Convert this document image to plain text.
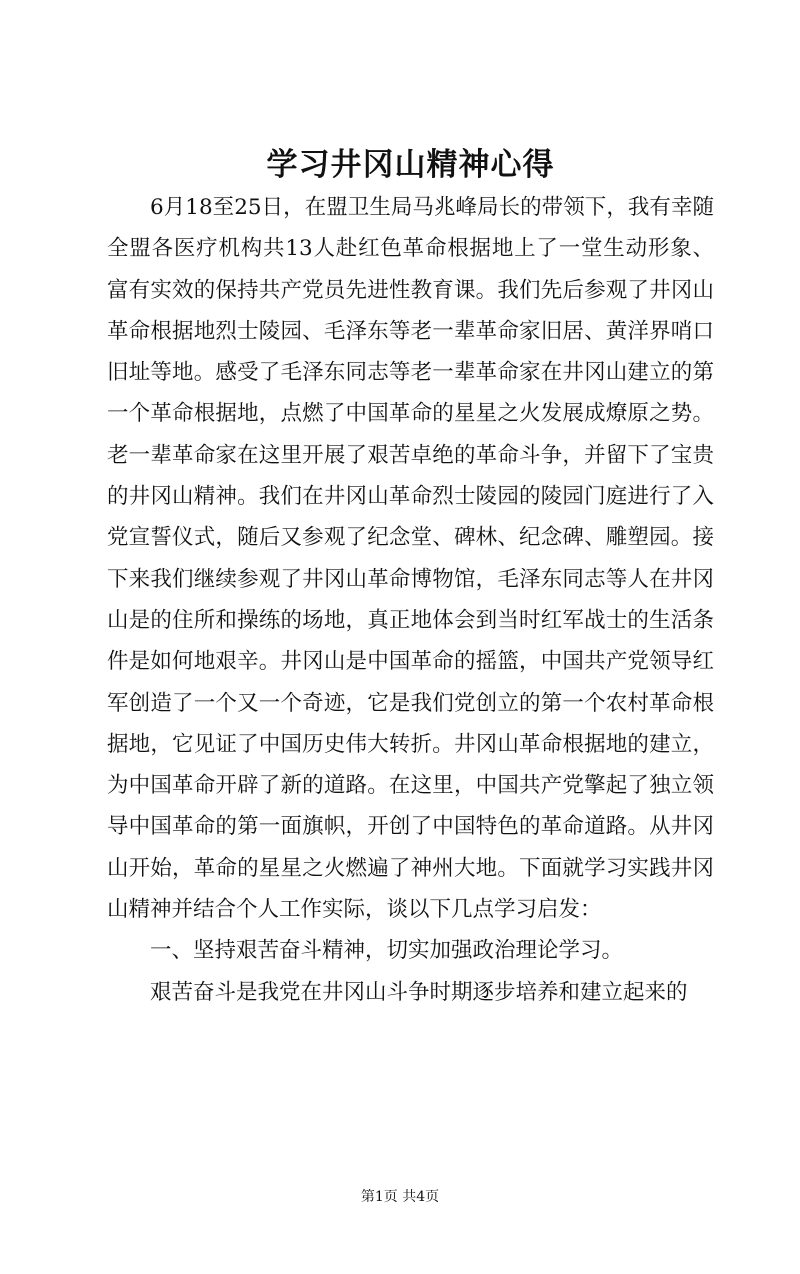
学习井冈山精神心得

6月18至25日，在盟卫生局马兆峰局长的带领下，我有幸随全盟各医疗机构共13人赴红色革命根据地上了一堂生动形象、富有实效的保持共产党员先进性教育课。我们先后参观了井冈山革命根据地烈士陵园、毛泽东等老一辈革命家旧居、黄洋界哨口旧址等地。感受了毛泽东同志等老一辈革命家在井冈山建立的第一个革命根据地，点燃了中国革命的星星之火发展成燎原之势。老一辈革命家在这里开展了艰苦卓绝的革命斗争，并留下了宝贵的井冈山精神。我们在井冈山革命烈士陵园的陵园门庭进行了入党宣誓仪式，随后又参观了纪念堂、碑林、纪念碑、雕塑园。接下来我们继续参观了井冈山革命博物馆，毛泽东同志等人在井冈山是的住所和操练的场地，真正地体会到当时红军战士的生活条件是如何地艰辛。井冈山是中国革命的摇篮，中国共产党领导红军创造了一个又一个奇迹，它是我们党创立的第一个农村革命根据地，它见证了中国历史伟大转折。井冈山革命根据地的建立，为中国革命开辟了新的道路。在这里，中国共产党擎起了独立领导中国革命的第一面旗帜，开创了中国特色的革命道路。从井冈山开始，革命的星星之火燃遍了神州大地。下面就学习实践井冈山精神并结合个人工作实际，谈以下几点学习启发：

一、坚持艰苦奋斗精神，切实加强政治理论学习。

艰苦奋斗是我党在井冈山斗争时期逐步培养和建立起来的

第1页 共4页
